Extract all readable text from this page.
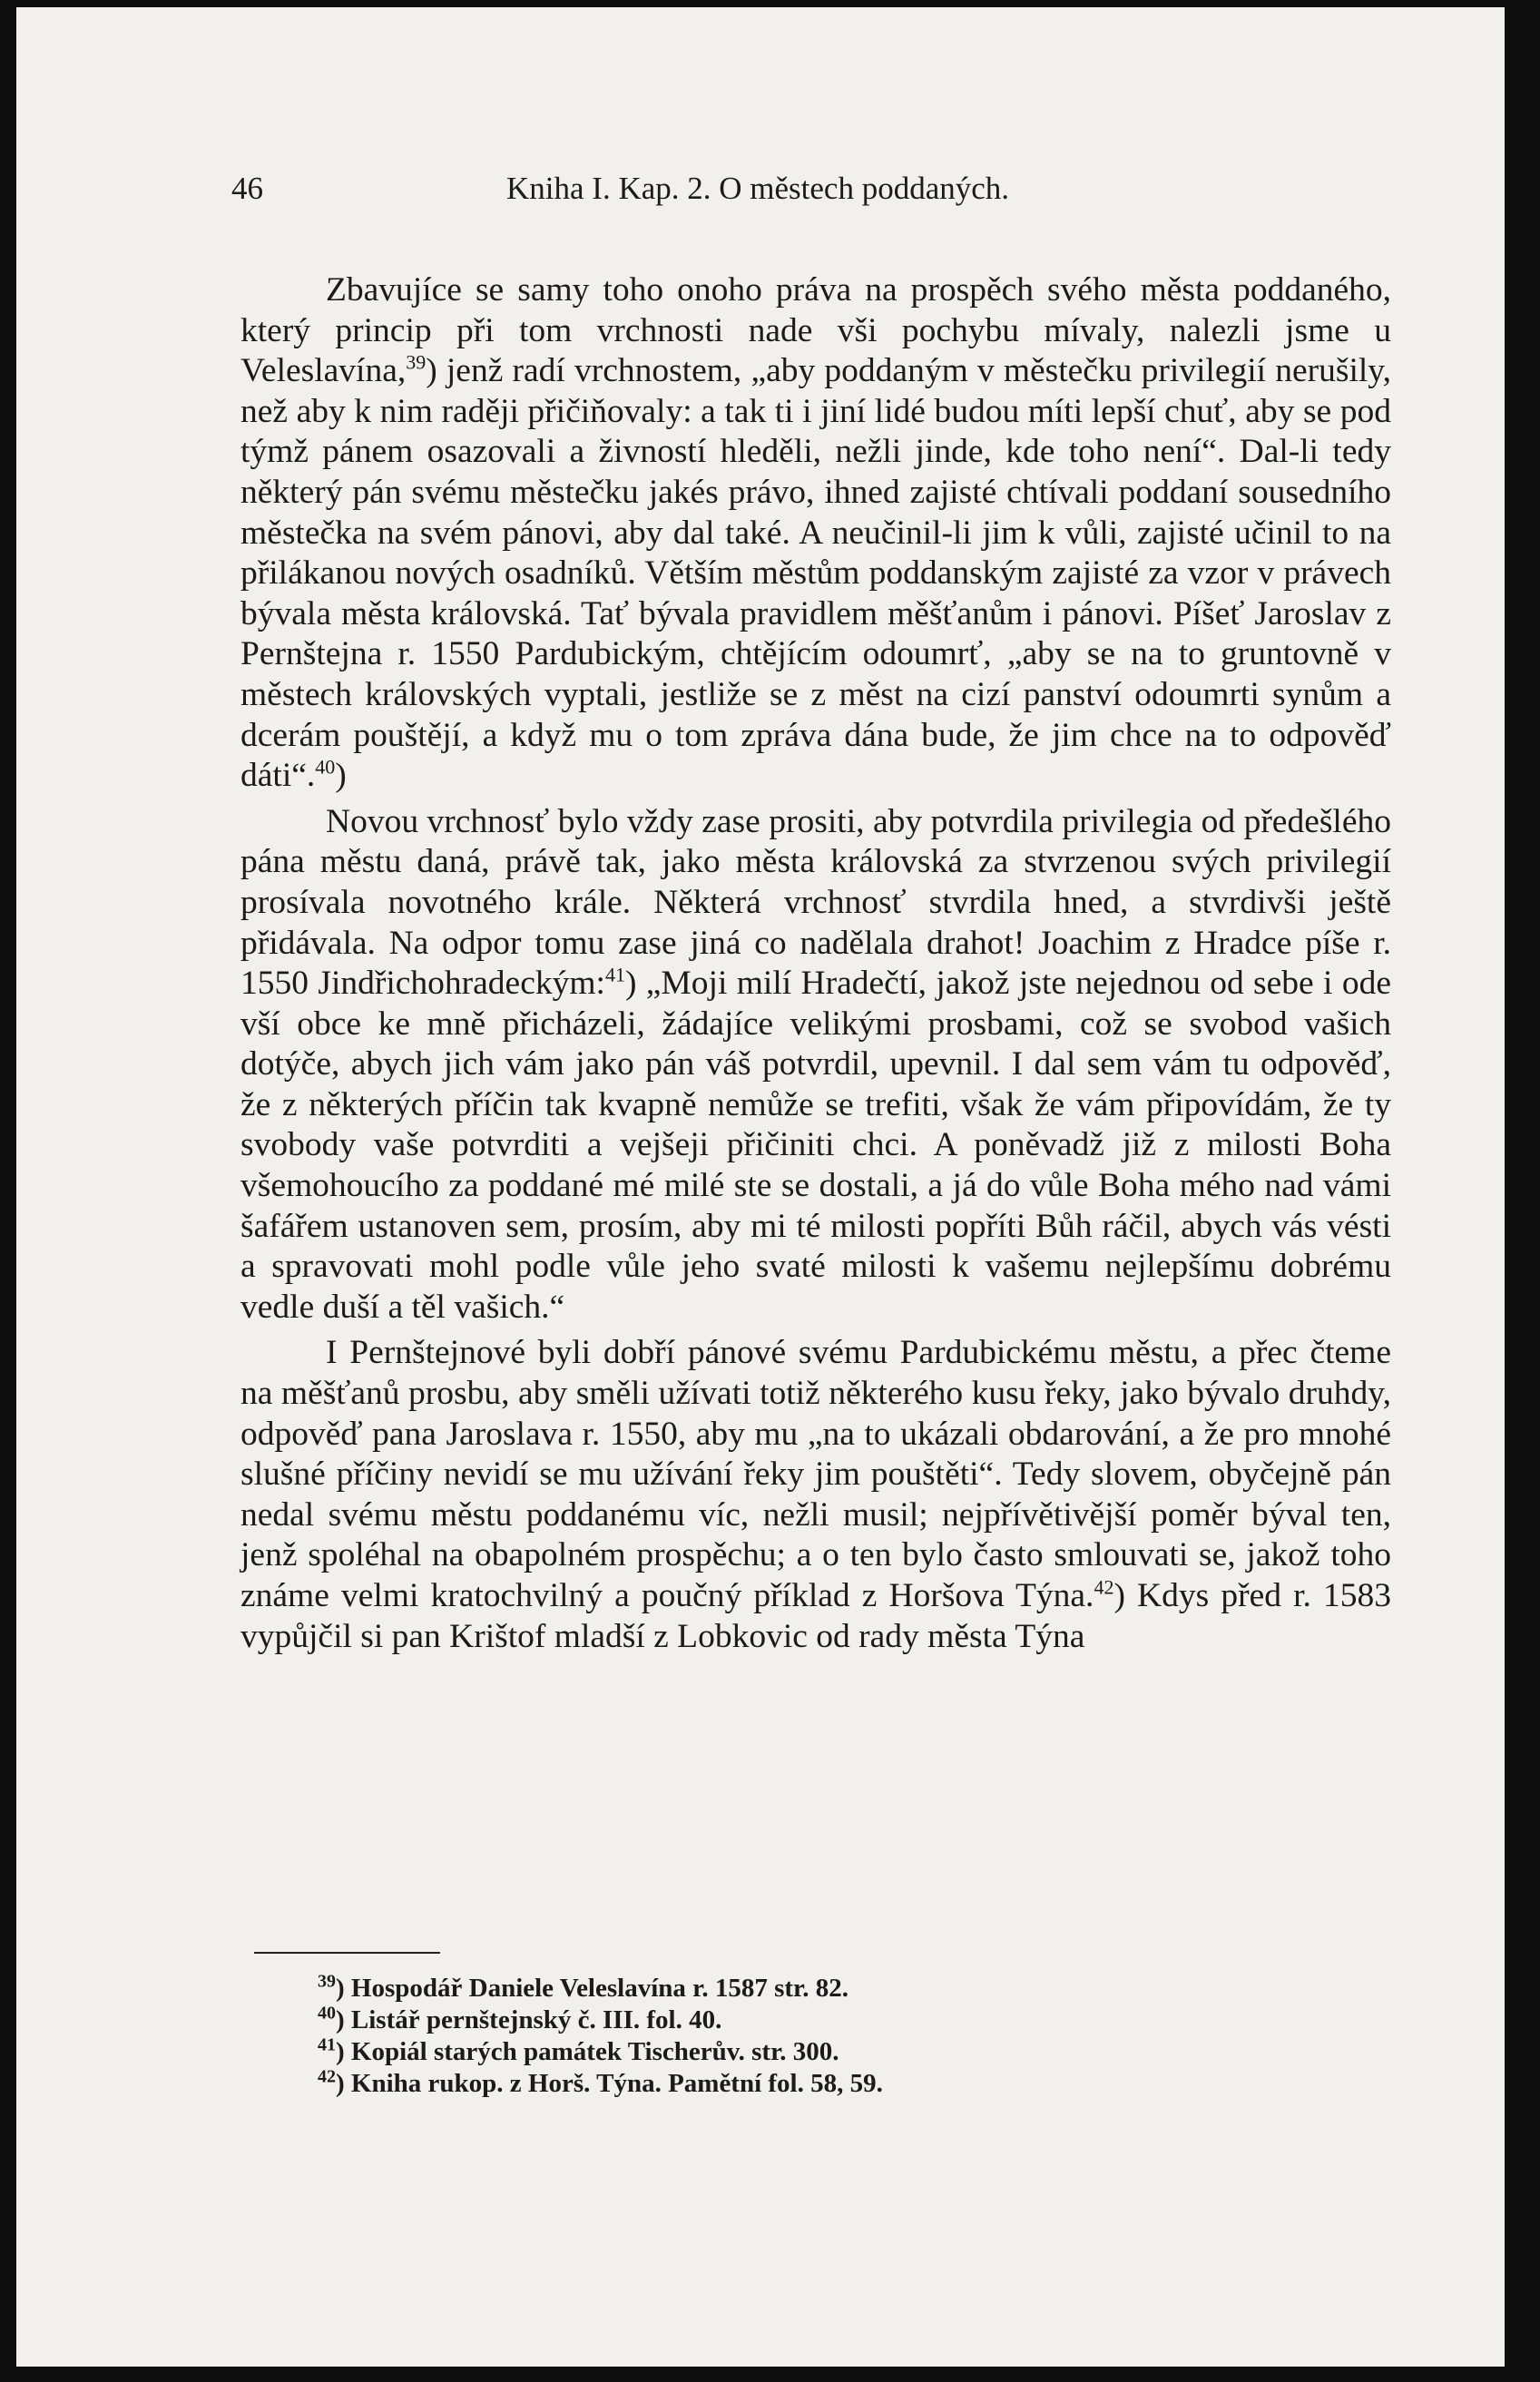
46	Kniha I. Kap. 2. O městech poddaných.

Zbavujíce se samy toho onoho práva na prospěch svého města poddaného, který princip při tom vrchnosti nade vši pochybu mívaly, nalezli jsme u Veleslavína,$^{39}$) jenž radí vrchnostem, „aby poddaným v městečku privilegií nerušily, než aby k nim raději přičiňovaly: a tak ti i jiní lidé budou míti lepší chuť, aby se pod týmž pánem osazovali a živností hleděli, nežli jinde, kde toho není“. Dal-li tedy některý pán svému městečku jakés právo, ihned zajisté chtívali poddaní sousedního městečka na svém pánovi, aby dal také. A neučinil-li jim k vůli, zajisté učinil to na přilákanou nových osadníků. Větším městům poddanským zajisté za vzor v právech bývala města královská. Tať bývala pravidlem měšťanům i pánovi. Píšeť Jaroslav z Pernštejna r. 1550 Pardubickým, chtějícím odoumrť, „aby se na to gruntovně v městech královských vyptali, jestliže se z měst na cizí panství odoumrti synům a dcerám pouštějí, a když mu o tom zpráva dána bude, že jim chce na to odpověď dáti“.$^{40}$)

Novou vrchnosť bylo vždy zase prositi, aby potvrdila privilegia od předešlého pána městu daná, právě tak, jako města královská za stvrzenou svých privilegií prosívala novotného krále. Některá vrchnosť stvrdila hned, a stvrdivši ještě přidávala. Na odpor tomu zase jiná co nadělala drahot! Joachim z Hradce píše r. 1550 Jindřichohradeckým:$^{41}$) „Moji milí Hradečtí, jakož jste nejednou od sebe i ode vší obce ke mně přicházeli, žádajíce velikými prosbami, což se svobod vašich dotýče, abych jich vám jako pán váš potvrdil, upevnil. I dal sem vám tu odpověď, že z některých příčin tak kvapně nemůže se trefiti, však že vám připovídám, že ty svobody vaše potvrditi a vejšeji přičiniti chci. A poněvadž již z milosti Boha všemohoucího za poddané mé milé ste se dostali, a já do vůle Boha mého nad vámi šafářem ustanoven sem, prosím, aby mi té milosti popříti Bůh ráčil, abych vás vésti a spravovati mohl podle vůle jeho svaté milosti k vašemu nejlepšímu dobrému vedle duší a těl vašich.“

I Pernštejnové byli dobří pánové svému Pardubickému městu, a přec čteme na měšťanů prosbu, aby směli užívati totiž některého kusu řeky, jako bývalo druhdy, odpověď pana Jaroslava r. 1550, aby mu „na to ukázali obdarování, a že pro mnohé slušné příčiny nevidí se mu užívání řeky jim pouštěti“. Tedy slovem, obyčejně pán nedal svému městu poddanému víc, nežli musil; nejpřívětivější poměr býval ten, jenž spoléhal na obapolném prospěchu; a o ten bylo často smlouvati se, jakož toho známe velmi kratochvilný a poučný příklad z Horšova Týna.$^{42}$) Kdys před r. 1583 vypůjčil si pan Krištof mladší z Lobkovic od rady města Týna

$^{39}$) Hospodář Daniele Veleslavína r. 1587 str. 82.
$^{40}$) Listář pernštejnský č. III. fol. 40.
$^{41}$) Kopiál starých památek Tischerův. str. 300.
$^{42}$) Kniha rukop. z Horš. Týna. Pamětní fol. 58, 59.
